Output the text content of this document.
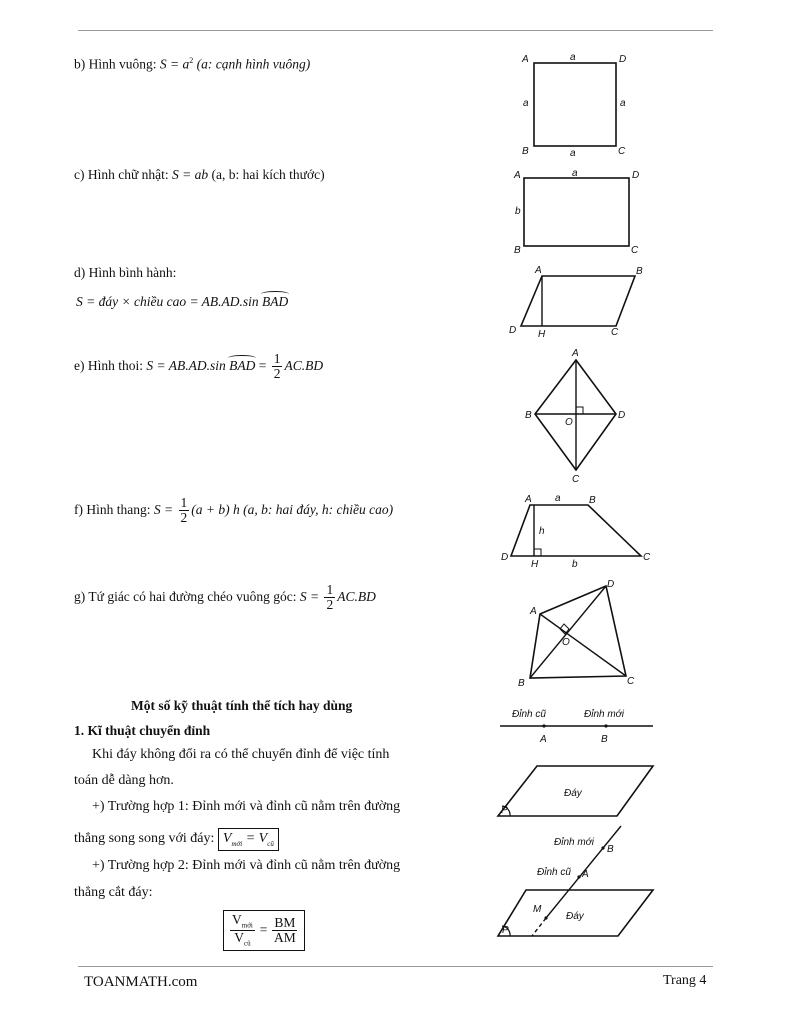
b) Hình vuông: $S = a^2$ (a: cạnh hình vuông)
c) Hình chữ nhật: S = ab (a, b: hai kích thước)
d) Hình bình hành:
S = đáy × chiều cao = AB.AD.sin BAD
e) Hình thoi: S = AB.AD.sin BAD = $\frac{1}{2} AC.BD$
f) Hình thang: $S = \frac{1}{2} (a + b)$ h (a, b: hai đáy, h: chiều cao)
g) Tứ giác có hai đường chéo vuông góc: $S = \frac{1}{2} AC.BD$
Một số kỹ thuật tính thể tích hay dùng
1. Kĩ thuật chuyển đỉnh
Khi đáy không đổi ra có thể chuyển đỉnh để việc tính
toán dễ dàng hơn.
+) Trường hợp 1: Đỉnh mới và đỉnh cũ nằm trên đường
thẳng song song với đáy: $V_{mới} = V_{cũ}$
+) Trường hợp 2: Đỉnh mới và đỉnh cũ nằm trên đường
thẳng cắt đáy:
$\frac{V_{mới}}{V_{cũ}} = \frac{BM}{AM}$
A	D
B	C
a
a
a	a
A	D
B	C
a
b
A	B
D H	C
A
B	D
O
C
A a	B
h
D
H	b
C
A
D
O
B	C
Đỉnh cũ	Đỉnh mới
A	B
Đáy
P
Đỉnh mới
B
Đỉnh cũ A
M
Đáy
P
TOANMATH.com	Trang 4
